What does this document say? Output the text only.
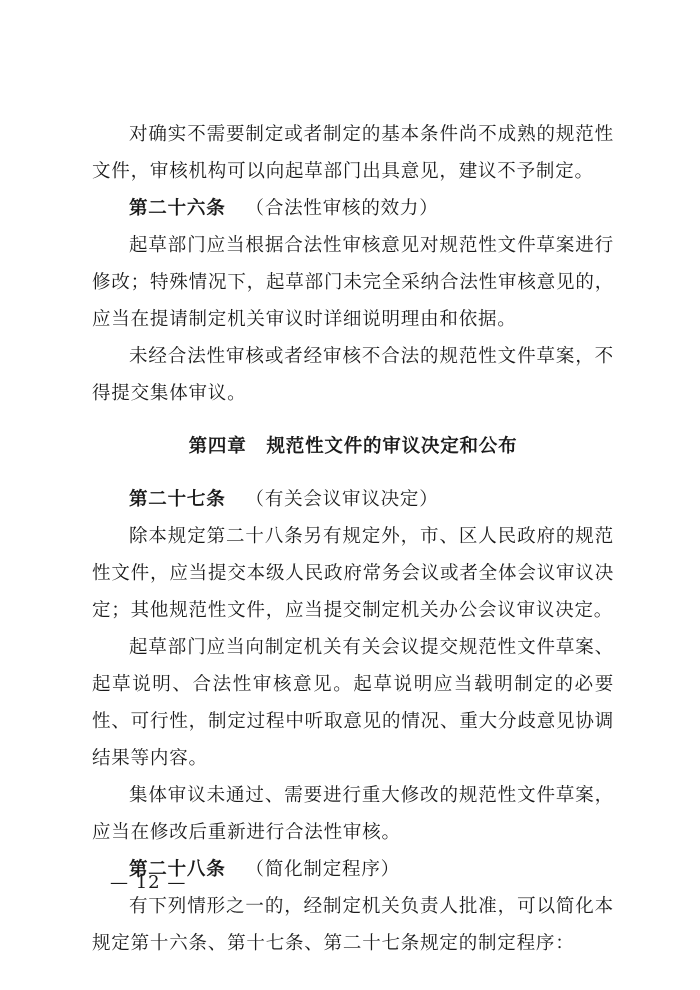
对确实不需要制定或者制定的基本条件尚不成熟的规范性文件，审核机构可以向起草部门出具意见，建议不予制定。

第二十六条 （合法性审核的效力）

起草部门应当根据合法性审核意见对规范性文件草案进行修改；特殊情况下，起草部门未完全采纳合法性审核意见的，应当在提请制定机关审议时详细说明理由和依据。

未经合法性审核或者经审核不合法的规范性文件草案，不得提交集体审议。

第四章 规范性文件的审议决定和公布

第二十七条 （有关会议审议决定）

除本规定第二十八条另有规定外，市、区人民政府的规范性文件，应当提交本级人民政府常务会议或者全体会议审议决定；其他规范性文件，应当提交制定机关办公会议审议决定。

起草部门应当向制定机关有关会议提交规范性文件草案、起草说明、合法性审核意见。起草说明应当载明制定的必要性、可行性，制定过程中听取意见的情况、重大分歧意见协调结果等内容。

集体审议未通过、需要进行重大修改的规范性文件草案，应当在修改后重新进行合法性审核。

第二十八条 （简化制定程序）

有下列情形之一的，经制定机关负责人批准，可以简化本规定第十六条、第十七条、第二十七条规定的制定程序：

— 12 —
